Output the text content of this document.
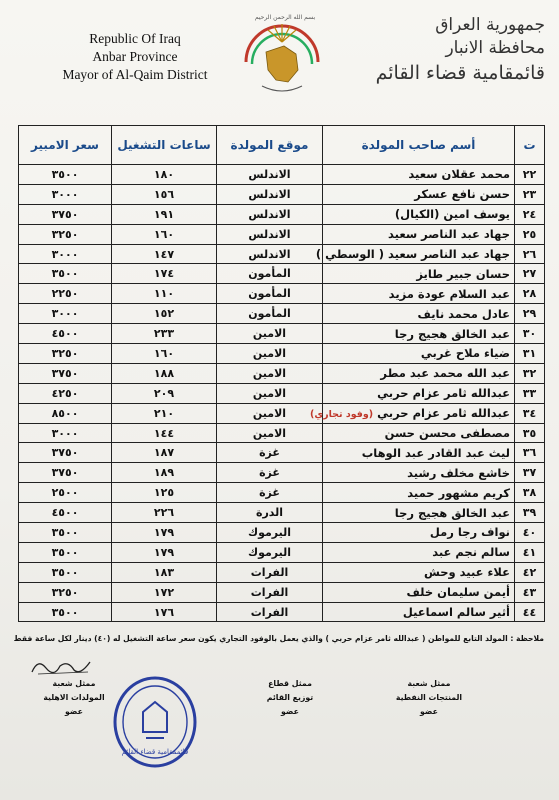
Republic Of Iraq
Anbar Province
Mayor of Al-Qaim District
بسم الله الرحمن الرحيم	جمهورية العراق
محافظة الانبار
قائمقامية قضاء القائم
ت	أسم صاحب المولدة	موقع المولدة	ساعات التشغيل	سعر الامبير
٢٢	محمد عقلان سعيد	الاندلس	١٨٠	٣٥٠٠
٢٣	حسن نافع عسكر	الاندلس	١٥٦	٣٠٠٠
٢٤	يوسف امين (الكيال)	الاندلس	١٩١	٣٧٥٠
٢٥	جهاد عبد الناصر سعيد	الاندلس	١٦٠	٣٢٥٠
٢٦	جهاد عبد الناصر سعيد ( الوسطي )	الاندلس	١٤٧	٣٠٠٠
٢٧	حسان جبير طايز	المأمون	١٧٤	٣٥٠٠
٢٨	عبد السلام عودة مزيد	المأمون	١١٠	٢٢٥٠
٢٩	عادل محمد نايف	المأمون	١٥٢	٣٠٠٠
٣٠	عبد الخالق هجيج رجا	الامين	٢٣٣	٤٥٠٠
٣١	ضياء ملاح غربي	الامين	١٦٠	٣٢٥٠
٣٢	عبد الله محمد عبد مطر	الامين	١٨٨	٣٧٥٠
٣٣	عبدالله ثامر عزام حربي	الامين	٢٠٩	٤٢٥٠
٣٤	عبدالله ثامر عزام حربي (وفود تجاري)	الامين	٢١٠	٨٥٠٠
٣٥	مصطفى محسن حسن	الامين	١٤٤	٣٠٠٠
٣٦	ليث عبد القادر عبد الوهاب	غزة	١٨٧	٣٧٥٠
٣٧	خاشع مخلف رشيد	غزة	١٨٩	٣٧٥٠
٣٨	كريم مشهور حميد	غزة	١٢٥	٢٥٠٠
٣٩	عبد الخالق هجيج رجا	الدرة	٢٢٦	٤٥٠٠
٤٠	نواف رجا رمل	اليرموك	١٧٩	٣٥٠٠
٤١	سالم نجم عبد	اليرموك	١٧٩	٣٥٠٠
٤٢	علاء عبيد وحش	الفرات	١٨٣	٣٥٠٠
٤٣	أيمن سليمان خلف	الفرات	١٧٢	٣٢٥٠
٤٤	أثير سالم اسماعيل	الفرات	١٧٦	٣٥٠٠
ملاحظة : المولد التابع للمواطن ( عبدالله ثامر عزام حربي ) والذي يعمل بالوفود التجاري يكون سعر ساعة التشغيل له (٤٠) دينار لكل ساعة فقط
ممثل شعبة
المولدات الاهلية
عضو
قائممقامية قضاء القائم
ممثل قطاع
توزيع القائم
عضو
ممثل شعبة
المنتجات النفطية
عضو
